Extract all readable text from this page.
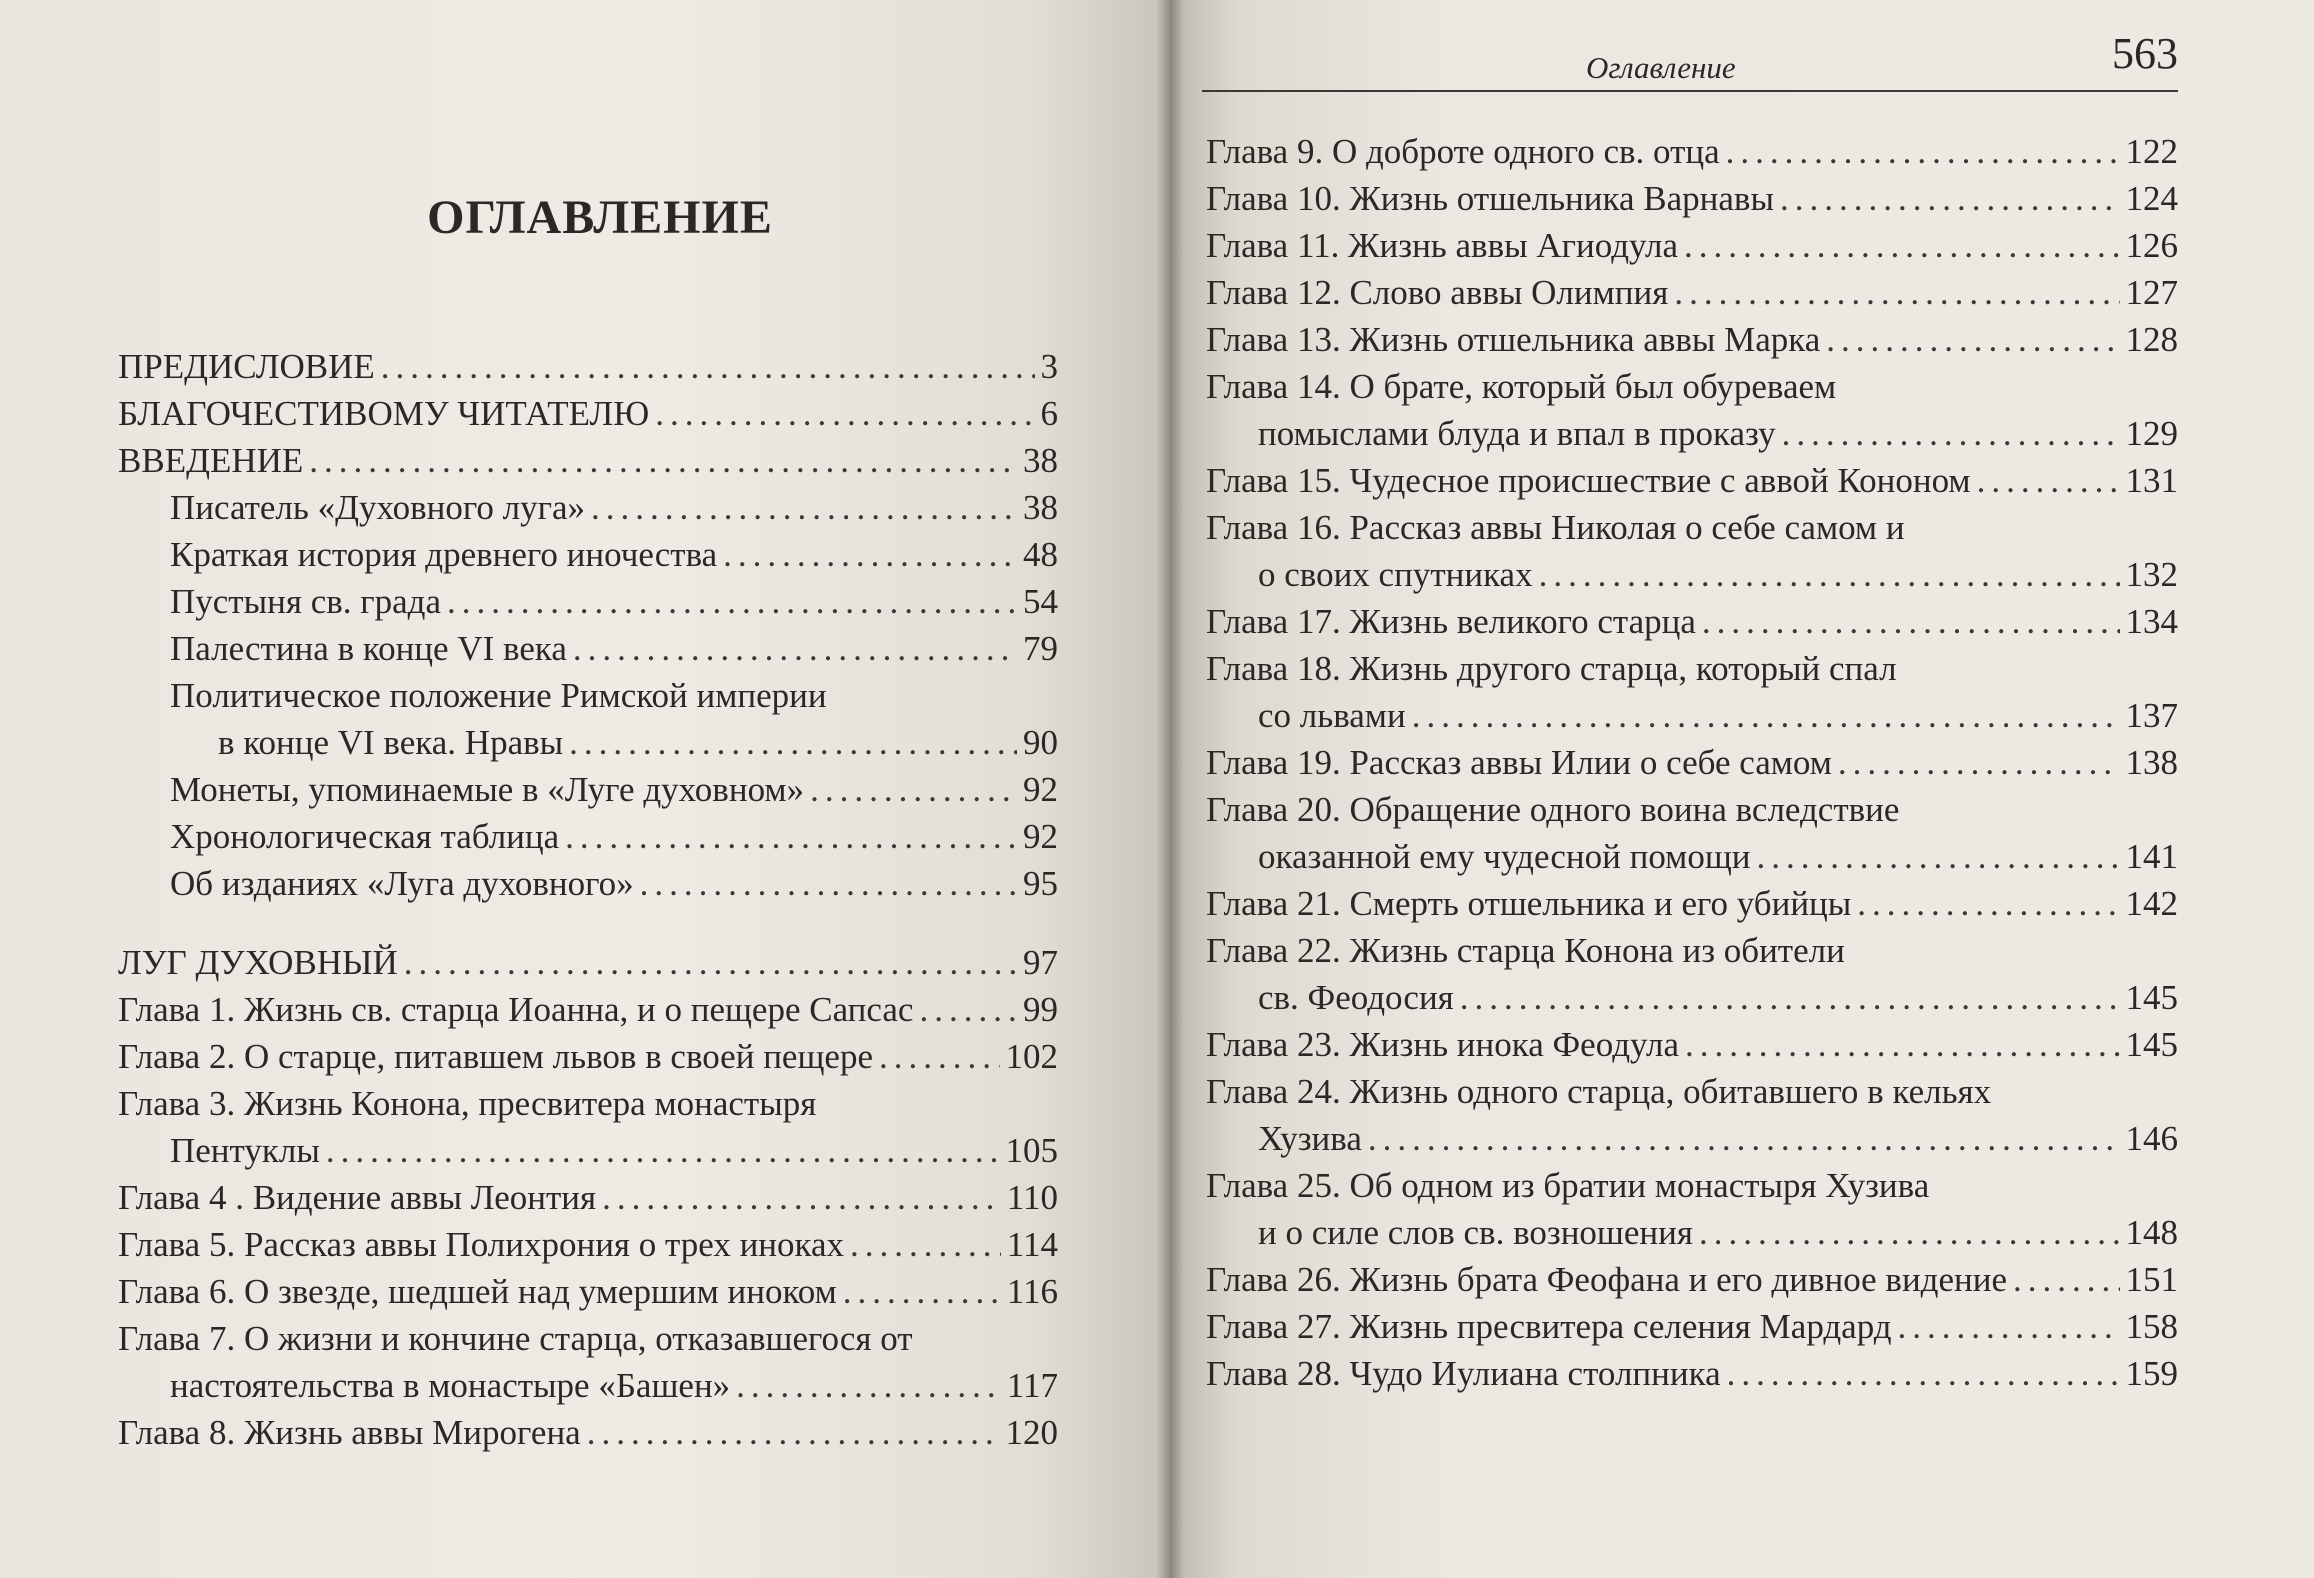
ОГЛАВЛЕНИЕ
ПРЕДИСЛОВИЕ .....	3
БЛАГОЧЕСТИВОМУ ЧИТАТЕЛЮ .....	6
ВВЕДЕНИЕ .....	38
Писатель «Духовного луга» .....	38
Краткая история древнего иночества .....	48
Пустыня св. града .....	54
Палестина в конце VI века .....	79
Политическое положение Римской империи
в конце VI века. Нравы .....	90
Монеты, упоминаемые в «Луге духовном» .....	92
Хронологическая таблица .....	92
Об изданиях «Луга духовного» .....	95
ЛУГ ДУХОВНЫЙ .....	97
Глава 1. Жизнь св. старца Иоанна, и о пещере Сапсас .....	99
Глава 2. О старце, питавшем львов в своей пещере .....	102
Глава 3. Жизнь Конона, пресвитера монастыря
Пентуклы .....	105
Глава 4 . Видение аввы Леонтия .....	110
Глава 5. Рассказ аввы Полихрония о трех иноках .....	114
Глава 6. О звезде, шедшей над умершим иноком .....	116
Глава 7. О жизни и кончине старца, отказавшегося от
настоятельства в монастыре «Башен» .....	117
Глава 8. Жизнь аввы Мирогена .....	120
Оглавление	563
Глава 9. О доброте одного св. отца .....	122
Глава 10. Жизнь отшельника Варнавы .....	124
Глава 11. Жизнь аввы Агиодула .....	126
Глава 12. Слово аввы Олимпия .....	127
Глава 13. Жизнь отшельника аввы Марка .....	128
Глава 14. О брате, который был обуреваем
помыслами блуда и впал в проказу .....	129
Глава 15. Чудесное происшествие с аввой Кононом .....	131
Глава 16. Рассказ аввы Николая о себе самом и
о своих спутниках .....	132
Глава 17. Жизнь великого старца .....	134
Глава 18. Жизнь другого старца, который спал
со львами .....	137
Глава 19. Рассказ аввы Илии о себе самом .....	138
Глава 20. Обращение одного воина вследствие
оказанной ему чудесной помощи .....	141
Глава 21. Смерть отшельника и его убийцы .....	142
Глава 22. Жизнь старца Конона из обители
св. Феодосия .....	145
Глава 23. Жизнь инока Феодула .....	145
Глава 24. Жизнь одного старца, обитавшего в кельях
Хузива .....	146
Глава 25. Об одном из братии монастыря Хузива
и о силе слов св. возношения .....	148
Глава 26. Жизнь брата Феофана и его дивное видение .....	151
Глава 27. Жизнь пресвитера селения Мардард .....	158
Глава 28. Чудо Иулиана столпника .....	159
